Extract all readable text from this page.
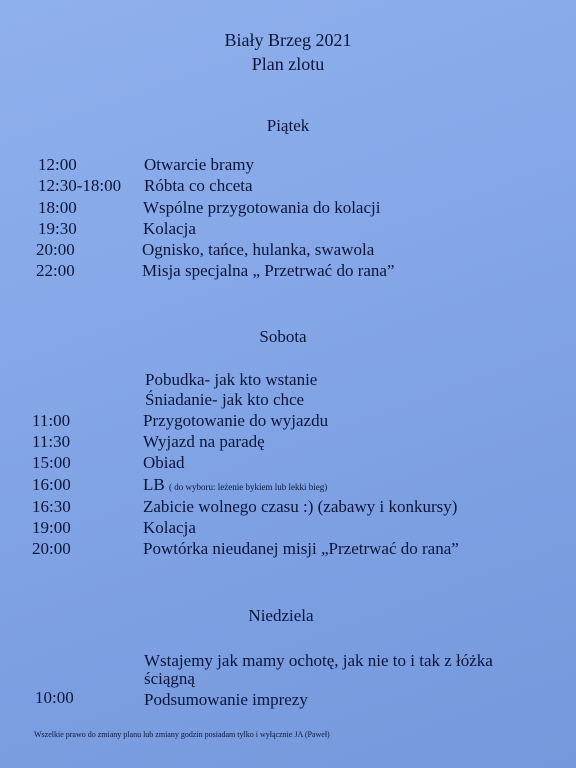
Biały Brzeg 2021
Plan zlotu
Piątek
12:00	Otwarcie bramy
12:30-18:00 Róbta co chceta
18:00	Wspólne przygotowania do kolacji
19:30	Kolacja
20:00	Ognisko, tańce, hulanka, swawola
22:00	Misja specjalna „ Przetrwać do rana”
Sobota
Pobudka- jak kto wstanie
Śniadanie- jak kto chce
11:00	Przygotowanie do wyjazdu
11:30	Wyjazd na paradę
15:00	Obiad
16:00	LB ( do wyboru: leżenie bykiem lub lekki bieg)
16:30	Zabicie wolnego czasu :) (zabawy i konkursy)
19:00	Kolacja
20:00	Powtórka nieudanej misji „Przetrwać do rana”
Niedziela
Wstajemy jak mamy ochotę, jak nie to i tak z łóżka
ściągną
10:00	Podsumowanie imprezy
Wszelkie prawo do zmiany planu lub zmiany godzin posiadam tylko i wyłącznie JA (Paweł)
